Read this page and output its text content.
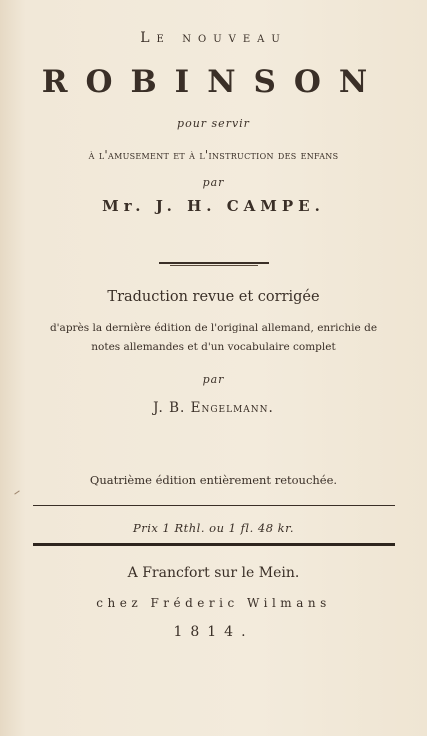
Le nouveau
ROBINSON
pour servir
à l'amusement et à l'instruction des enfans
par
Mr. J. H. CAMPE.
Traduction revue et corrigée
d'après la dernière édition de l'original allemand, enrichie de
notes allemandes et d'un vocabulaire complet
par
J. B. Engelmann.
Quatrième édition entièrement retouchée.
Prix 1 Rthl. ou 1 fl. 48 kr.
A Francfort sur le Mein.
chez Fréderic Wilmans
1814.
